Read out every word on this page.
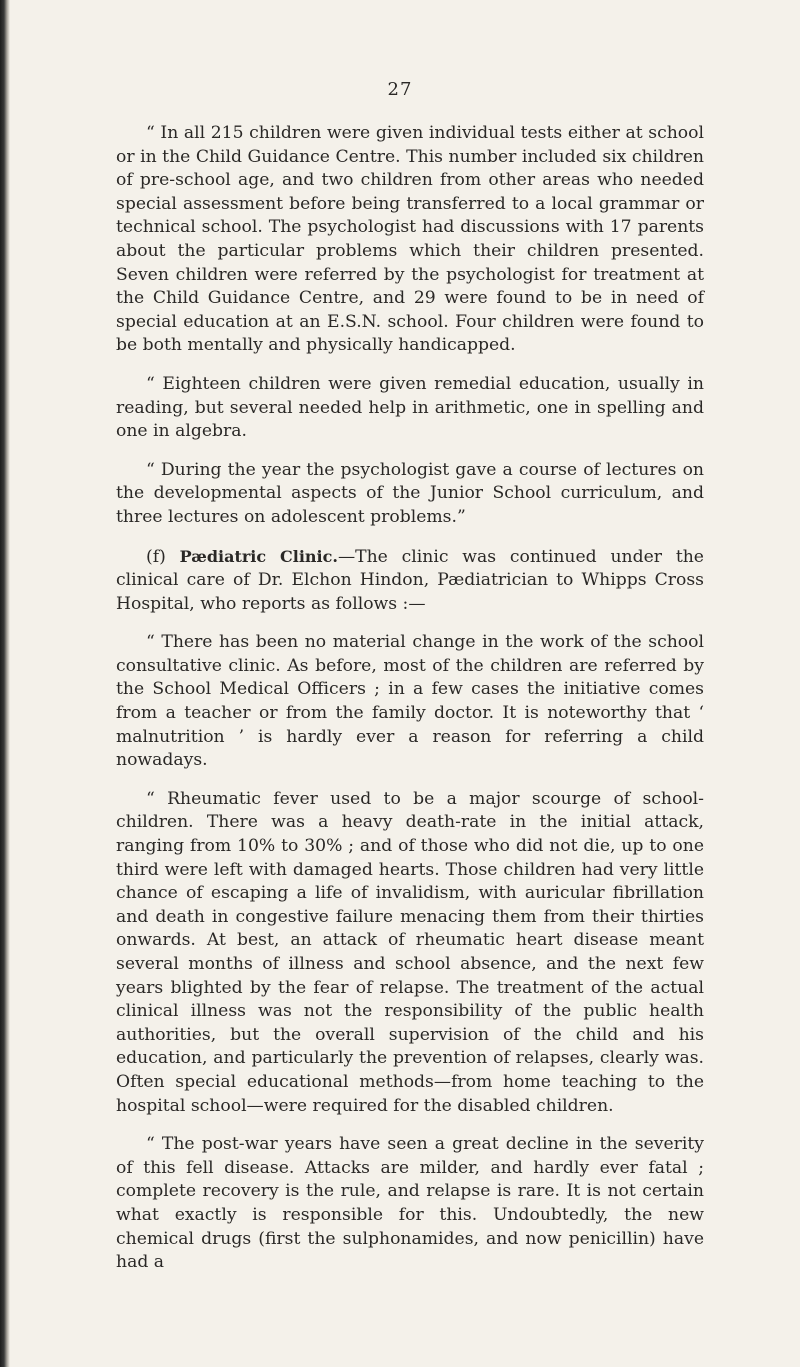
27

“ In all 215 children were given individual tests either at school or in the Child Guidance Centre. This number included six children of pre-school age, and two children from other areas who needed special assessment before being transferred to a local grammar or technical school. The psychologist had discussions with 17 parents about the particular problems which their children presented. Seven children were referred by the psychologist for treatment at the Child Guidance Centre, and 29 were found to be in need of special education at an E.S.N. school. Four children were found to be both mentally and physically handicapped.

“ Eighteen children were given remedial education, usually in reading, but several needed help in arithmetic, one in spelling and one in algebra.

“ During the year the psychologist gave a course of lectures on the developmental aspects of the Junior School curriculum, and three lectures on adolescent problems.”

(f) Pædiatric Clinic.—The clinic was continued under the clinical care of Dr. Elchon Hindon, Pædiatrician to Whipps Cross Hospital, who reports as follows :—

“ There has been no material change in the work of the school consultative clinic. As before, most of the children are referred by the School Medical Officers ; in a few cases the initiative comes from a teacher or from the family doctor. It is noteworthy that ‘ malnutrition ’ is hardly ever a reason for referring a child nowadays.

“ Rheumatic fever used to be a major scourge of school-children. There was a heavy death-rate in the initial attack, ranging from 10% to 30% ; and of those who did not die, up to one third were left with damaged hearts. Those children had very little chance of escaping a life of invalidism, with auricular fibrillation and death in congestive failure menacing them from their thirties onwards. At best, an attack of rheumatic heart disease meant several months of illness and school absence, and the next few years blighted by the fear of relapse. The treatment of the actual clinical illness was not the responsibility of the public health authorities, but the overall supervision of the child and his education, and particularly the prevention of relapses, clearly was. Often special educational methods—from home teaching to the hospital school—were required for the disabled children.

“ The post-war years have seen a great decline in the severity of this fell disease. Attacks are milder, and hardly ever fatal ; complete recovery is the rule, and relapse is rare. It is not certain what exactly is responsible for this. Undoubtedly, the new chemical drugs (first the sulphonamides, and now penicillin) have had a
